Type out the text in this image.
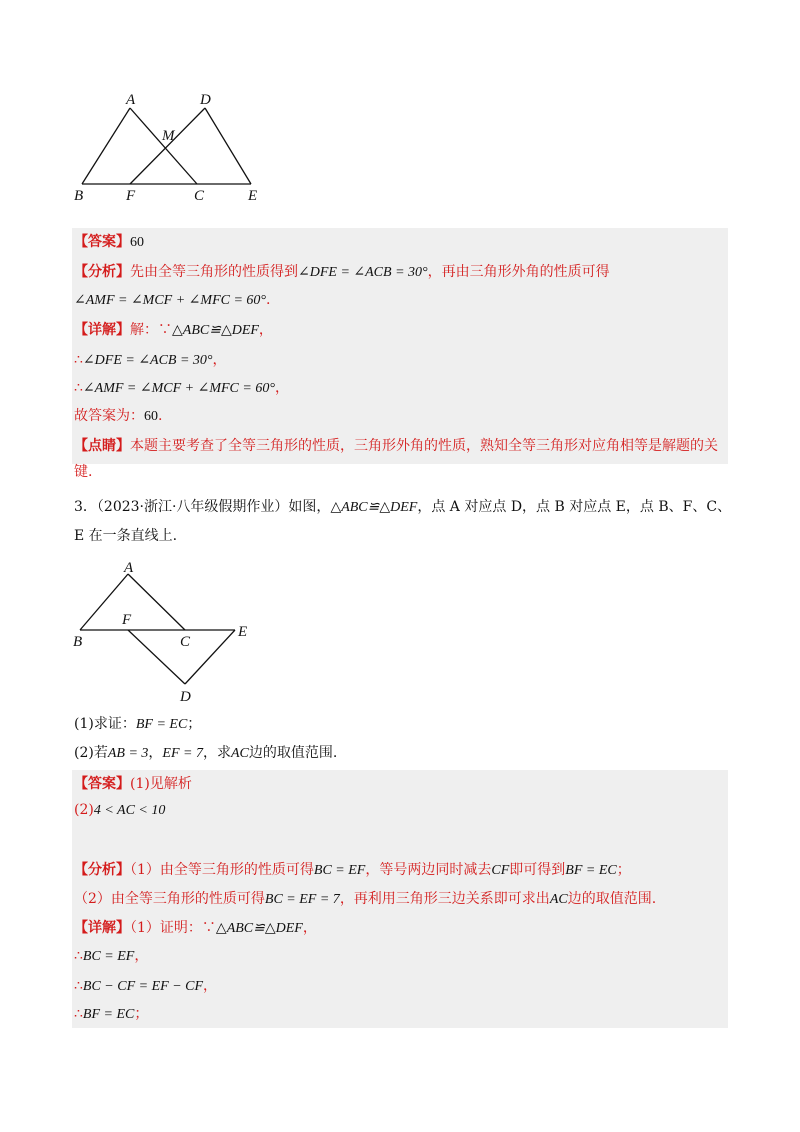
A	D
M
B	F	C	E
【答案】60
【分析】先由全等三角形的性质得到∠DFE = ∠ACB = 30°，再由三角形外角的性质可得
∠AMF = ∠MCF + ∠MFC = 60°.
【详解】解：∵△ABC≌△DEF，
∴∠DFE = ∠ACB = 30°，
∴∠AMF = ∠MCF + ∠MFC = 60°，
故答案为：60.
【点睛】本题主要考查了全等三角形的性质，三角形外角的性质，熟知全等三角形对应角相等是解题的关
键.
3．（2023·浙江·八年级假期作业）如图，△ABC≌△DEF，点 A 对应点 D，点 B 对应点 E，点 B、F、C、
E 在一条直线上.
A
F
E
B	C
D
(1)求证：BF = EC；
(2)若AB = 3，EF = 7，求AC边的取值范围.
【答案】(1)见解析
(2)4 < AC < 10
【分析】（1）由全等三角形的性质可得BC = EF，等号两边同时减去CF即可得到BF = EC；
（2）由全等三角形的性质可得BC = EF = 7，再利用三角形三边关系即可求出AC边的取值范围.
【详解】（1）证明：∵△ABC≌△DEF，
∴BC = EF，
∴BC − CF = EF − CF，
∴BF = EC；
